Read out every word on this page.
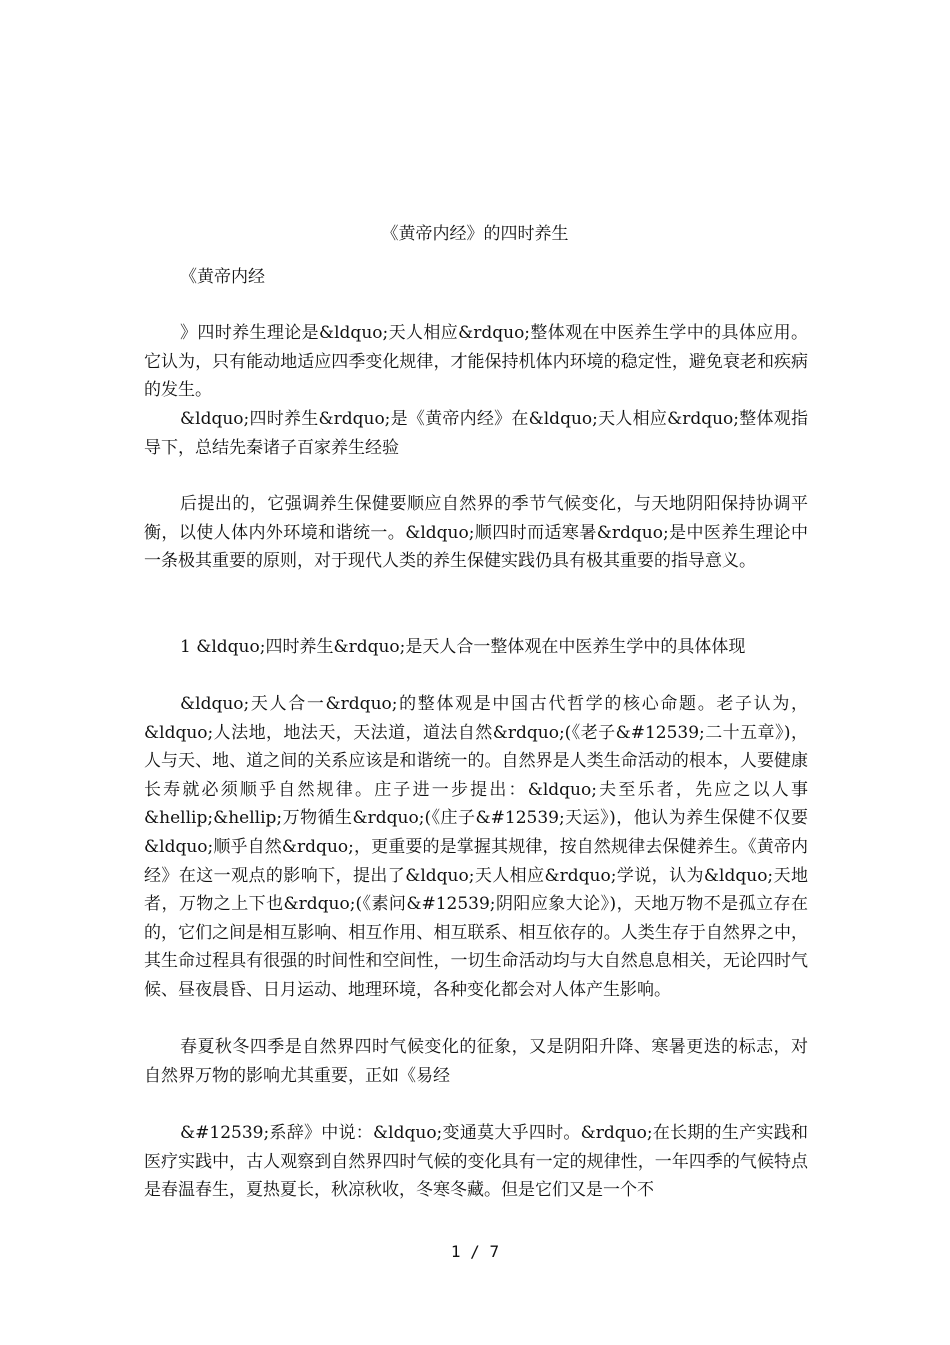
《黄帝内经》的四时养生

《黄帝内经

》四时养生理论是&ldquo;天人相应&rdquo;整体观在中医养生学中的具体应用。它认为，只有能动地适应四季变化规律，才能保持机体内环境的稳定性，避免衰老和疾病的发生。

&ldquo;四时养生&rdquo;是《黄帝内经》在&ldquo;天人相应&rdquo;整体观指导下，总结先秦诸子百家养生经验

后提出的，它强调养生保健要顺应自然界的季节气候变化，与天地阴阳保持协调平衡，以使人体内外环境和谐统一。&ldquo;顺四时而适寒暑&rdquo;是中医养生理论中一条极其重要的原则，对于现代人类的养生保健实践仍具有极其重要的指导意义。

1 &ldquo;四时养生&rdquo;是天人合一整体观在中医养生学中的具体体现

&ldquo;天人合一&rdquo;的整体观是中国古代哲学的核心命题。老子认为，&ldquo;人法地，地法天，天法道，道法自然&rdquo;(《老子&#12539;二十五章》)，人与天、地、道之间的关系应该是和谐统一的。自然界是人类生命活动的根本，人要健康长寿就必须顺乎自然规律。庄子进一步提出：&ldquo;夫至乐者，先应之以人事&hellip;&hellip;万物循生&rdquo;(《庄子&#12539;天运》)，他认为养生保健不仅要&ldquo;顺乎自然&rdquo;，更重要的是掌握其规律，按自然规律去保健养生。《黄帝内经》在这一观点的影响下，提出了&ldquo;天人相应&rdquo;学说，认为&ldquo;天地者，万物之上下也&rdquo;(《素问&#12539;阴阳应象大论》)，天地万物不是孤立存在的，它们之间是相互影响、相互作用、相互联系、相互依存的。人类生存于自然界之中，其生命过程具有很强的时间性和空间性，一切生命活动均与大自然息息相关，无论四时气候、昼夜晨昏、日月运动、地理环境，各种变化都会对人体产生影响。

春夏秋冬四季是自然界四时气候变化的征象，又是阴阳升降、寒暑更迭的标志，对自然界万物的影响尤其重要，正如《易经

&#12539;系辞》中说：&ldquo;变通莫大乎四时。&rdquo;在长期的生产实践和医疗实践中，古人观察到自然界四时气候的变化具有一定的规律性，一年四季的气候特点是春温春生，夏热夏长，秋凉秋收，冬寒冬藏。但是它们又是一个不

1 / 7
